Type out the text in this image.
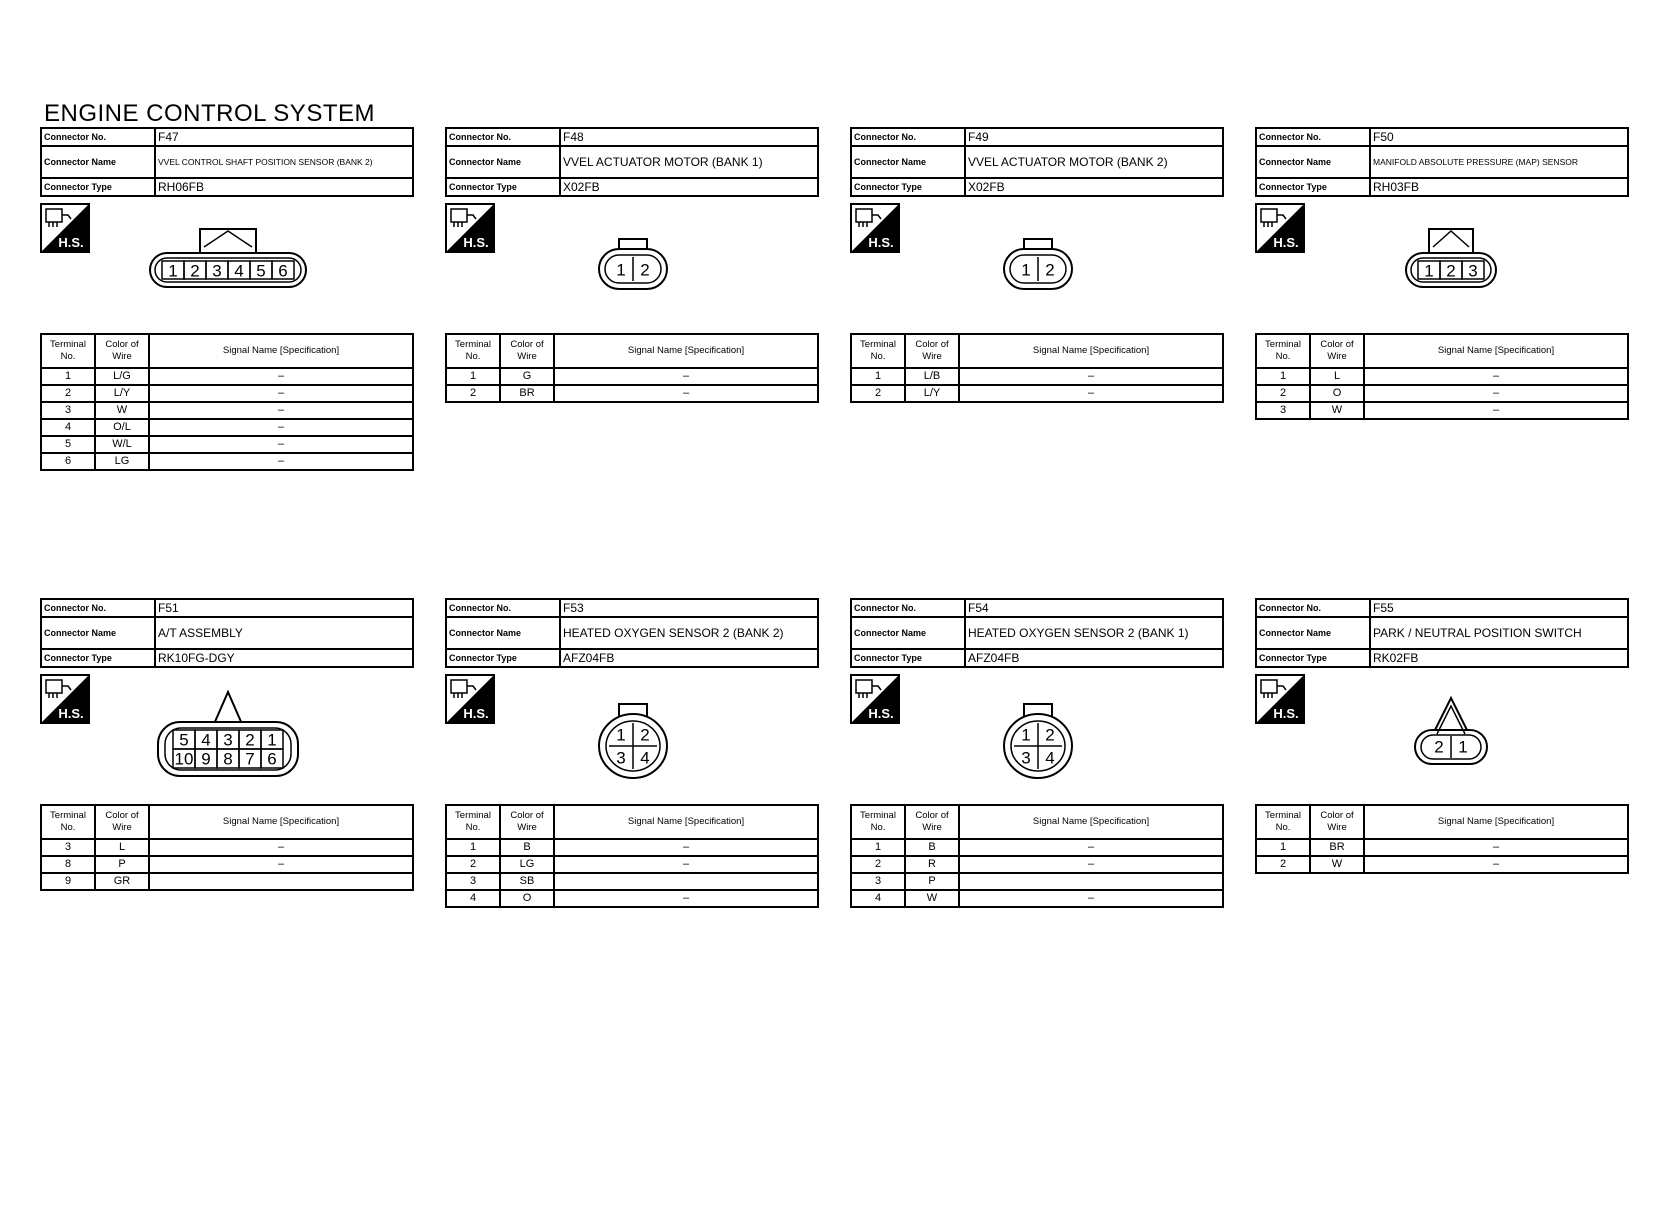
ENGINE CONTROL SYSTEM
Connector No.	F47
Connector Name	VVEL CONTROL SHAFT POSITION SENSOR (BANK 2)
Connector Type	RH06FB
H.S.
1 2 3 4 5 6
Terminal No.	Color of Wire	Signal Name [Specification]
1	L/G	–
2	L/Y	–
3	W	–
4	O/L	–
5	W/L	–
6	LG	–
Connector No.	F48
Connector Name	VVEL ACTUATOR MOTOR (BANK 1)
Connector Type	X02FB
H.S.
1 2
Terminal No.	Color of Wire	Signal Name [Specification]
1	G	–
2	BR	–
Connector No.	F49
Connector Name	VVEL ACTUATOR MOTOR (BANK 2)
Connector Type	X02FB
H.S.
1 2
Terminal No.	Color of Wire	Signal Name [Specification]
1	L/B	–
2	L/Y	–
Connector No.	F50
Connector Name	MANIFOLD ABSOLUTE PRESSURE (MAP) SENSOR
Connector Type	RH03FB
H.S.
1 2 3
Terminal No.	Color of Wire	Signal Name [Specification]
1	L	–
2	O	–
3	W	–
Connector No.	F51
Connector Name	A/T ASSEMBLY
Connector Type	RK10FG-DGY
H.S.
5 4 3 2 1
10 9 8 7 6
Terminal No.	Color of Wire	Signal Name [Specification]
3	L	–
8	P	–
9	GR	
Connector No.	F53
Connector Name	HEATED OXYGEN SENSOR 2 (BANK 2)
Connector Type	AFZ04FB
H.S.
1 2
3 4
Terminal No.	Color of Wire	Signal Name [Specification]
1	B	–
2	LG	–
3	SB	
4	O	–
Connector No.	F54
Connector Name	HEATED OXYGEN SENSOR 2 (BANK 1)
Connector Type	AFZ04FB
H.S.
1 2
3 4
Terminal No.	Color of Wire	Signal Name [Specification]
1	B	–
2	R	–
3	P	
4	W	–
Connector No.	F55
Connector Name	PARK / NEUTRAL POSITION SWITCH
Connector Type	RK02FB
H.S.
2 1
Terminal No.	Color of Wire	Signal Name [Specification]
1	BR	–
2	W	–
